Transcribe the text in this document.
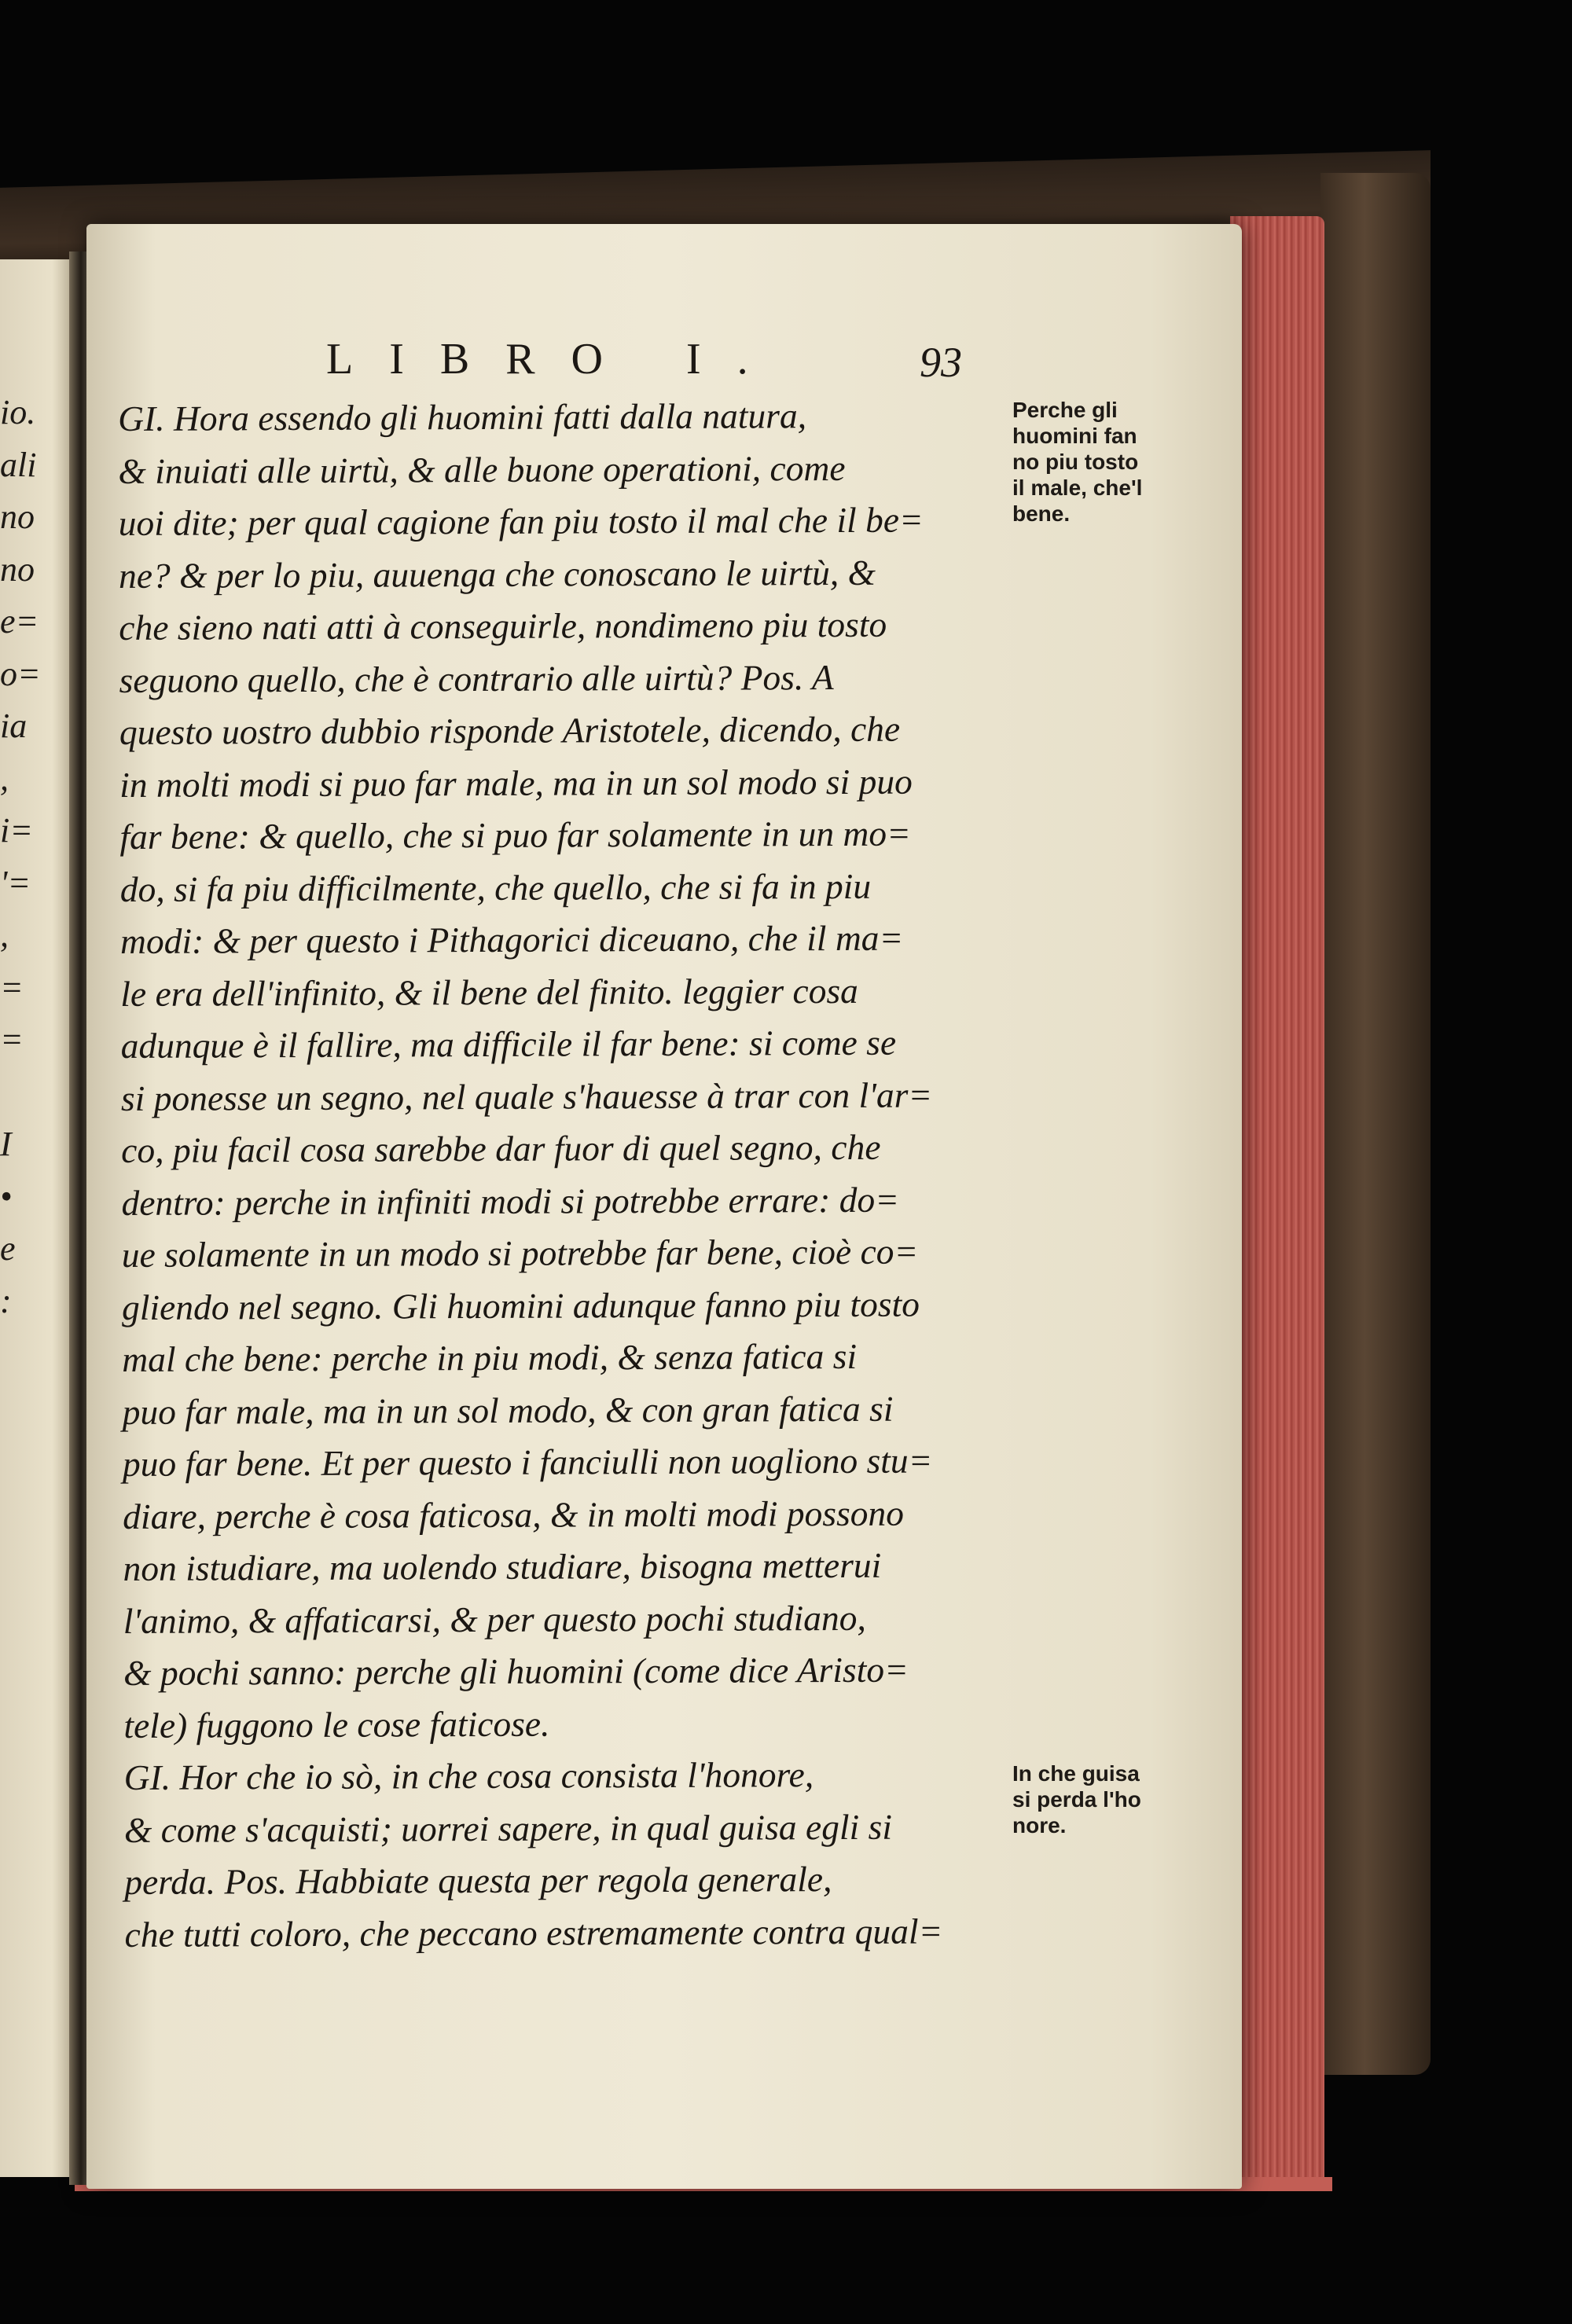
io.
ali
no
no
e=
o=
ia
,
i=
'=
,
=
=
I
•
e
:
LIBRO I.	93
GI. Hora essendo gli huomini fatti dalla natura,
& inuiati alle uirtù, & alle buone operationi, come
uoi dite; per qual cagione fan piu tosto il mal che il be=
ne? & per lo piu, auuenga che conoscano le uirtù, &
che sieno nati atti à conseguirle, nondimeno piu tosto
seguono quello, che è contrario alle uirtù? Pos. A
questo uostro dubbio risponde Aristotele, dicendo, che
in molti modi si puo far male, ma in un sol modo si puo
far bene: & quello, che si puo far solamente in un mo=
do, si fa piu difficilmente, che quello, che si fa in piu
modi: & per questo i Pithagorici diceuano, che il ma=
le era dell'infinito, & il bene del finito. leggier cosa
adunque è il fallire, ma difficile il far bene: si come se
si ponesse un segno, nel quale s'hauesse à trar con l'ar=
co, piu facil cosa sarebbe dar fuor di quel segno, che
dentro: perche in infiniti modi si potrebbe errare: do=
ue solamente in un modo si potrebbe far bene, cioè co=
gliendo nel segno. Gli huomini adunque fanno piu tosto
mal che bene: perche in piu modi, & senza fatica si
puo far male, ma in un sol modo, & con gran fatica si
puo far bene. Et per questo i fanciulli non uogliono stu=
diare, perche è cosa faticosa, & in molti modi possono
non istudiare, ma uolendo studiare, bisogna metterui
l'animo, & affaticarsi, & per questo pochi studiano,
& pochi sanno: perche gli huomini (come dice Aristo=
tele) fuggono le cose faticose.
GI. Hor che io sò, in che cosa consista l'honore,
& come s'acquisti; uorrei sapere, in qual guisa egli si
perda. Pos. Habbiate questa per regola generale,
che tutti coloro, che peccano estremamente contra qual=
Perche gli
huomini fan
no piu tosto
il male, che'l
bene.
In che guisa
si perda l'ho
nore.
